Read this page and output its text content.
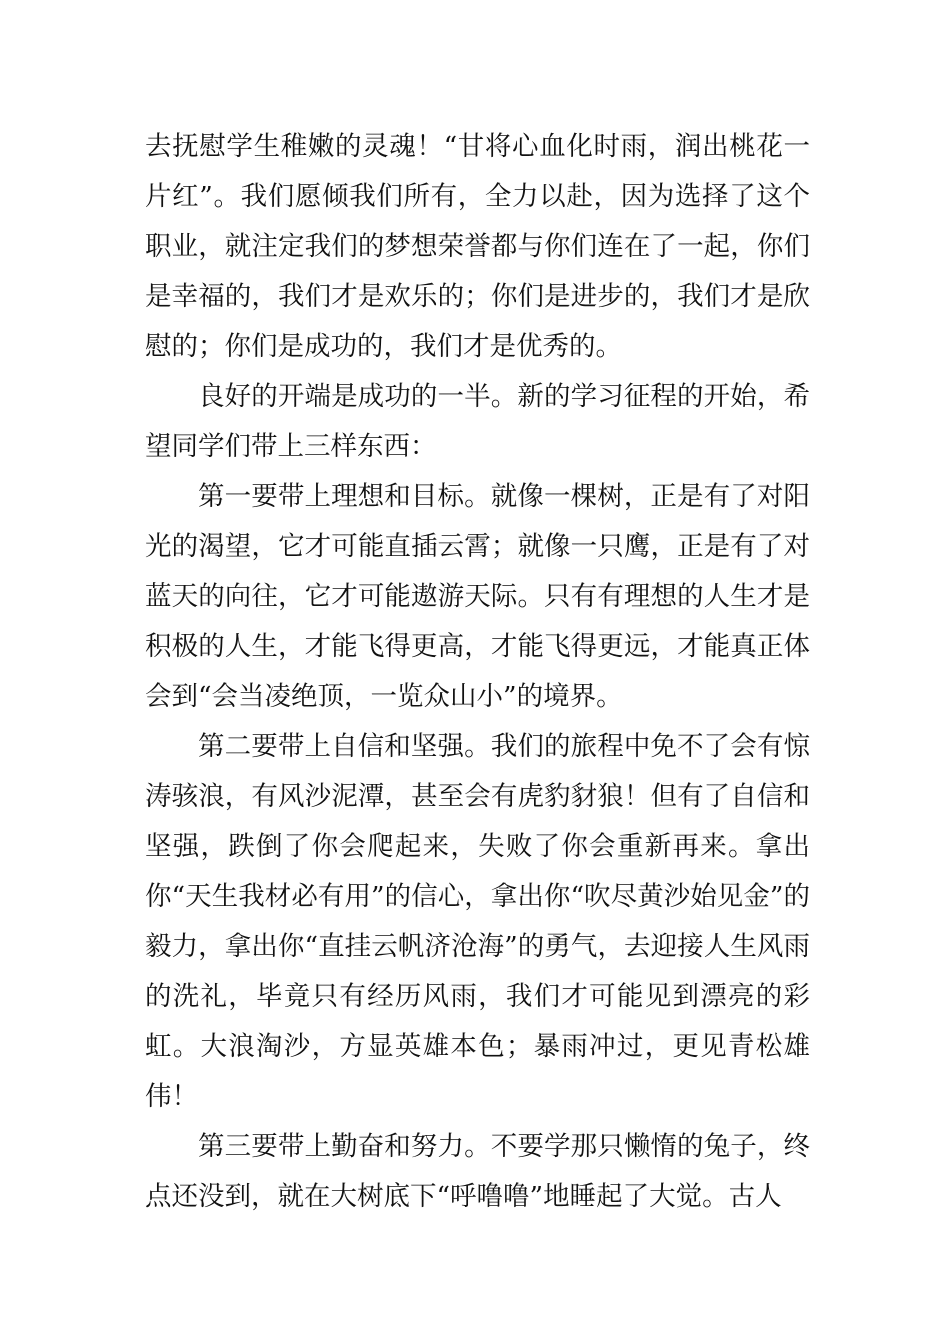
去抚慰学生稚嫩的灵魂！“甘将心血化时雨，润出桃花一片红”。我们愿倾我们所有，全力以赴，因为选择了这个职业，就注定我们的梦想荣誉都与你们连在了一起，你们是幸福的，我们才是欢乐的；你们是进步的，我们才是欣慰的；你们是成功的，我们才是优秀的。

良好的开端是成功的一半。新的学习征程的开始，希望同学们带上三样东西：

第一要带上理想和目标。就像一棵树，正是有了对阳光的渴望，它才可能直插云霄；就像一只鹰，正是有了对蓝天的向往，它才可能遨游天际。只有有理想的人生才是积极的人生，才能飞得更高，才能飞得更远，才能真正体会到“会当凌绝顶，一览众山小”的境界。

第二要带上自信和坚强。我们的旅程中免不了会有惊涛骇浪，有风沙泥潭，甚至会有虎豹豺狼！但有了自信和坚强，跌倒了你会爬起来，失败了你会重新再来。拿出你“天生我材必有用”的信心，拿出你“吹尽黄沙始见金”的毅力，拿出你“直挂云帆济沧海”的勇气，去迎接人生风雨的洗礼，毕竟只有经历风雨，我们才可能见到漂亮的彩虹。大浪淘沙，方显英雄本色；暴雨冲过，更见青松雄伟！

第三要带上勤奋和努力。不要学那只懒惰的兔子，终点还没到，就在大树底下“呼噜噜”地睡起了大觉。古人
